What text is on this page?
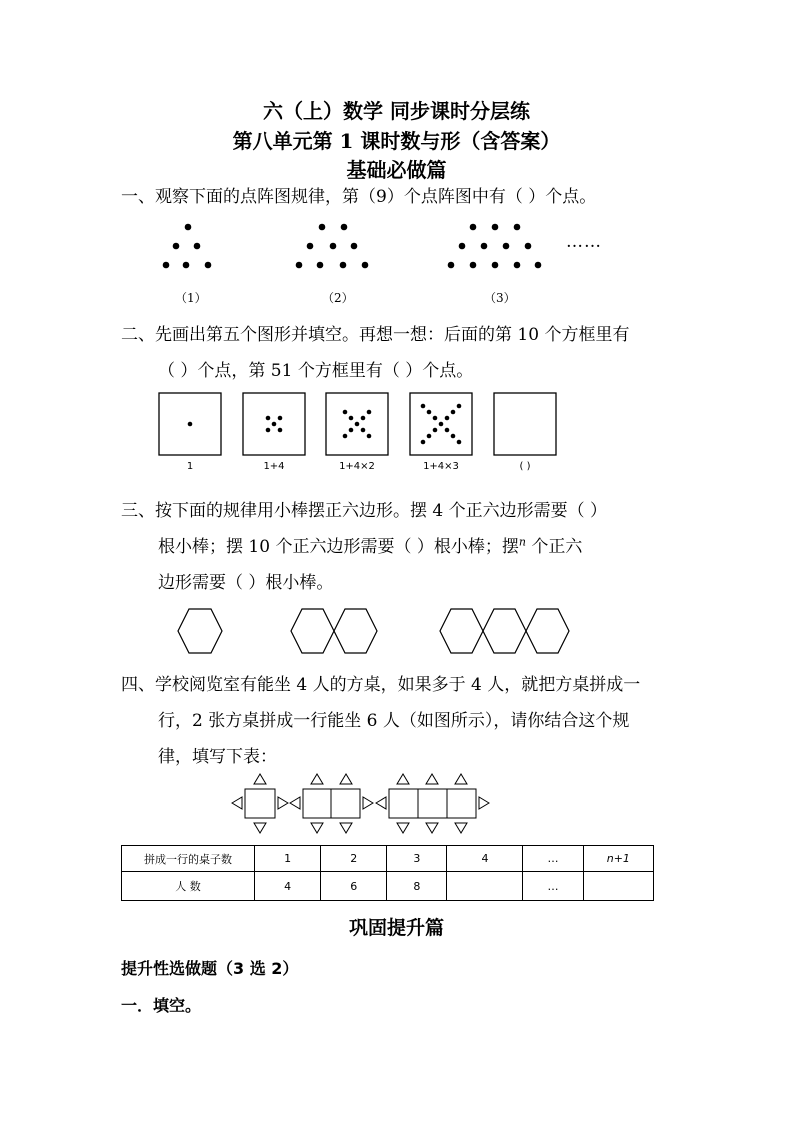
六（上）数学 同步课时分层练
第八单元第 1 课时数与形（含答案）
基础必做篇
一、观察下面的点阵图规律，第（9）个点阵图中有（ ）个点。
（1）	（2）	（3）
……
二、先画出第五个图形并填空。再想一想：后面的第 10 个方框里有
（ ）个点，第 51 个方框里有（ ）个点。
1	1+4	1+4×2	1+4×3	( )
三、按下面的规律用小棒摆正六边形。摆 4 个正六边形需要（ ）
根小棒；摆 10 个正六边形需要（ ）根小棒；摆$^n$ 个正六
边形需要（ ）根小棒。
四、学校阅览室有能坐 4 人的方桌，如果多于 4 人，就把方桌拼成一
行，2 张方桌拼成一行能坐 6 人（如图所示），请你结合这个规
律，填写下表：
拼成一行的桌子数	1	2	3	4	…	n+1
人 数	4	6	8		…	
巩固提升篇
提升性选做题（3 选 2）
一．填空。
